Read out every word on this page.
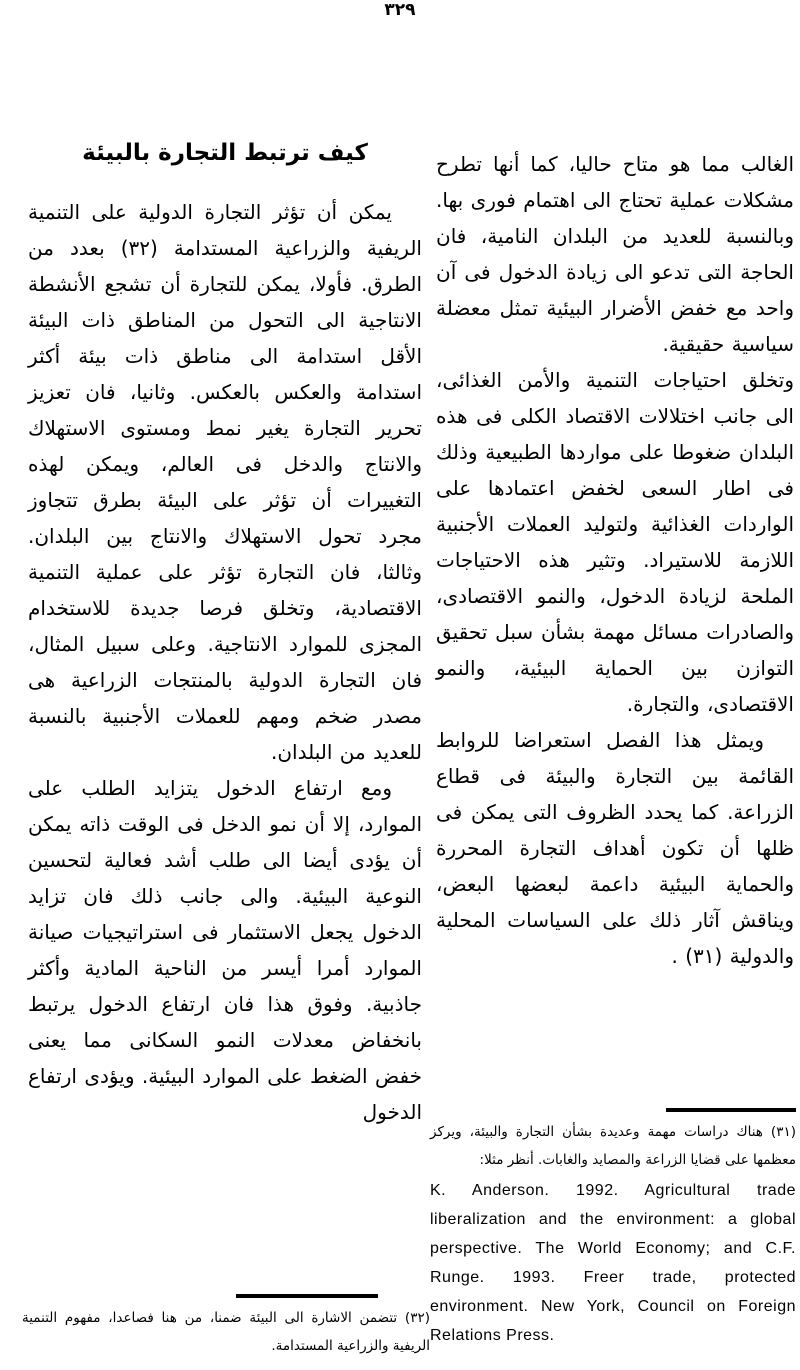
٣٢٩

الغالب مما هو متاح حاليا، كما أنها تطرح مشكلات عملية تحتاج الى اهتمام فورى بها. وبالنسبة للعديد من البلدان النامية، فان الحاجة التى تدعو الى زيادة الدخول فى آن واحد مع خفض الأضرار البيئية تمثل معضلة سياسية حقيقية.

وتخلق احتياجات التنمية والأمن الغذائى، الى جانب اختلالات الاقتصاد الكلى فى هذه البلدان ضغوطا على مواردها الطبيعية وذلك فى اطار السعى لخفض اعتمادها على الواردات الغذائية ولتوليد العملات الأجنبية اللازمة للاستيراد. وتثير هذه الاحتياجات الملحة لزيادة الدخول، والنمو الاقتصادى، والصادرات مسائل مهمة بشأن سبل تحقيق التوازن بين الحماية البيئية، والنمو الاقتصادى، والتجارة.

ويمثل هذا الفصل استعراضا للروابط القائمة بين التجارة والبيئة فى قطاع الزراعة. كما يحدد الظروف التى يمكن فى ظلها أن تكون أهداف التجارة المحررة والحماية البيئية داعمة لبعضها البعض، ويناقش آثار ذلك على السياسات المحلية والدولية (٣١) .

كيف ترتبط التجارة بالبيئة

يمكن أن تؤثر التجارة الدولية على التنمية الريفية والزراعية المستدامة (٣٢) بعدد من الطرق. فأولا، يمكن للتجارة أن تشجع الأنشطة الانتاجية الى التحول من المناطق ذات البيئة الأقل استدامة الى مناطق ذات بيئة أكثر استدامة والعكس بالعكس. وثانيا، فان تعزيز تحرير التجارة يغير نمط ومستوى الاستهلاك والانتاج والدخل فى العالم، ويمكن لهذه التغييرات أن تؤثر على البيئة بطرق تتجاوز مجرد تحول الاستهلاك والانتاج بين البلدان. وثالثا، فان التجارة تؤثر على عملية التنمية الاقتصادية، وتخلق فرصا جديدة للاستخدام المجزى للموارد الانتاجية. وعلى سبيل المثال، فان التجارة الدولية بالمنتجات الزراعية هى مصدر ضخم ومهم للعملات الأجنبية بالنسبة للعديد من البلدان.

ومع ارتفاع الدخول يتزايد الطلب على الموارد، إلا أن نمو الدخل فى الوقت ذاته يمكن أن يؤدى أيضا الى طلب أشد فعالية لتحسين النوعية البيئية. والى جانب ذلك فان تزايد الدخول يجعل الاستثمار فى استراتيجيات صيانة الموارد أمرا أيسر من الناحية المادية وأكثر جاذبية. وفوق هذا فان ارتفاع الدخول يرتبط بانخفاض معدلات النمو السكانى مما يعنى خفض الضغط على الموارد البيئية. ويؤدى ارتفاع الدخول

(٣١) هناك دراسات مهمة وعديدة بشأن التجارة والبيئة، ويركز معظمها على قضايا الزراعة والمصايد والغابات. أنظر مثلا:

K. Anderson. 1992. Agricultural trade liberalization and the environment: a global perspective. The World Economy; and C.F. Runge. 1993. Freer trade, protected environment. New York, Council on Foreign Relations Press.

(٣٢) تتضمن الاشارة الى البيئة ضمنا، من هنا فصاعدا، مفهوم التنمية الريفية والزراعية المستدامة.
